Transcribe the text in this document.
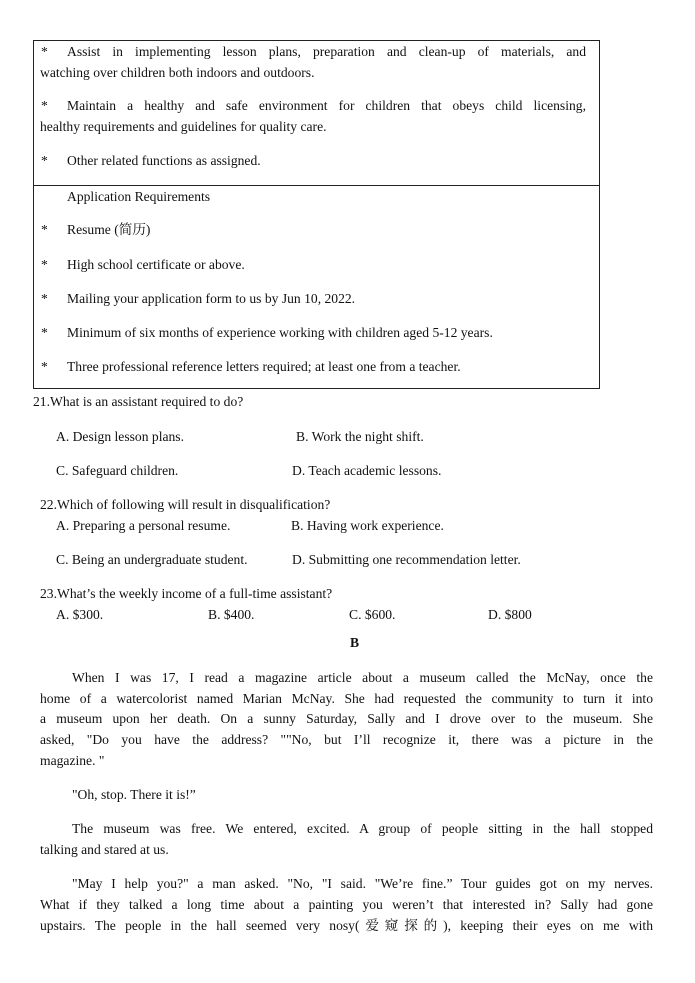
* Assist in implementing lesson plans, preparation and clean-up of materials, and
watching over children both indoors and outdoors.
* Maintain a healthy and safe environment for children that obeys child licensing,
healthy requirements and guidelines for quality care.
* Other related functions as assigned.
Application Requirements
* Resume (简历)
* High school certificate or above.
* Mailing your application form to us by Jun 10, 2022.
* Minimum of six months of experience working with children aged 5-12 years.
* Three professional reference letters required; at least one from a teacher.
21.What is an assistant required to do?
A. Design lesson plans.	B. Work the night shift.
C. Safeguard children.	D. Teach academic lessons.
22.Which of following will result in disqualification?
A. Preparing a personal resume.	B. Having work experience.
C. Being an undergraduate student.	D. Submitting one recommendation letter.
23.What’s the weekly income of a full-time assistant?
A. $300.	B. $400.	C. $600.	D. $800
B
When I was 17, I read a magazine article about a museum called the McNay, once the
home of a watercolorist named Marian McNay. She had requested the community to turn it into
a museum upon her death. On a sunny Saturday, Sally and I drove over to the museum. She
asked, "Do you have the address? ""No, but I’ll recognize it, there was a picture in the
magazine. "
"Oh, stop. There it is!”
The museum was free. We entered, excited. A group of people sitting in the hall stopped
talking and stared at us.
"May I help you?" a man asked. "No, "I said. "We’re fine.” Tour guides got on my nerves.
What if they talked a long time about a painting you weren’t that interested in? Sally had gone
upstairs. The people in the hall seemed very nosy(爱窥探的), keeping their eyes on me with
